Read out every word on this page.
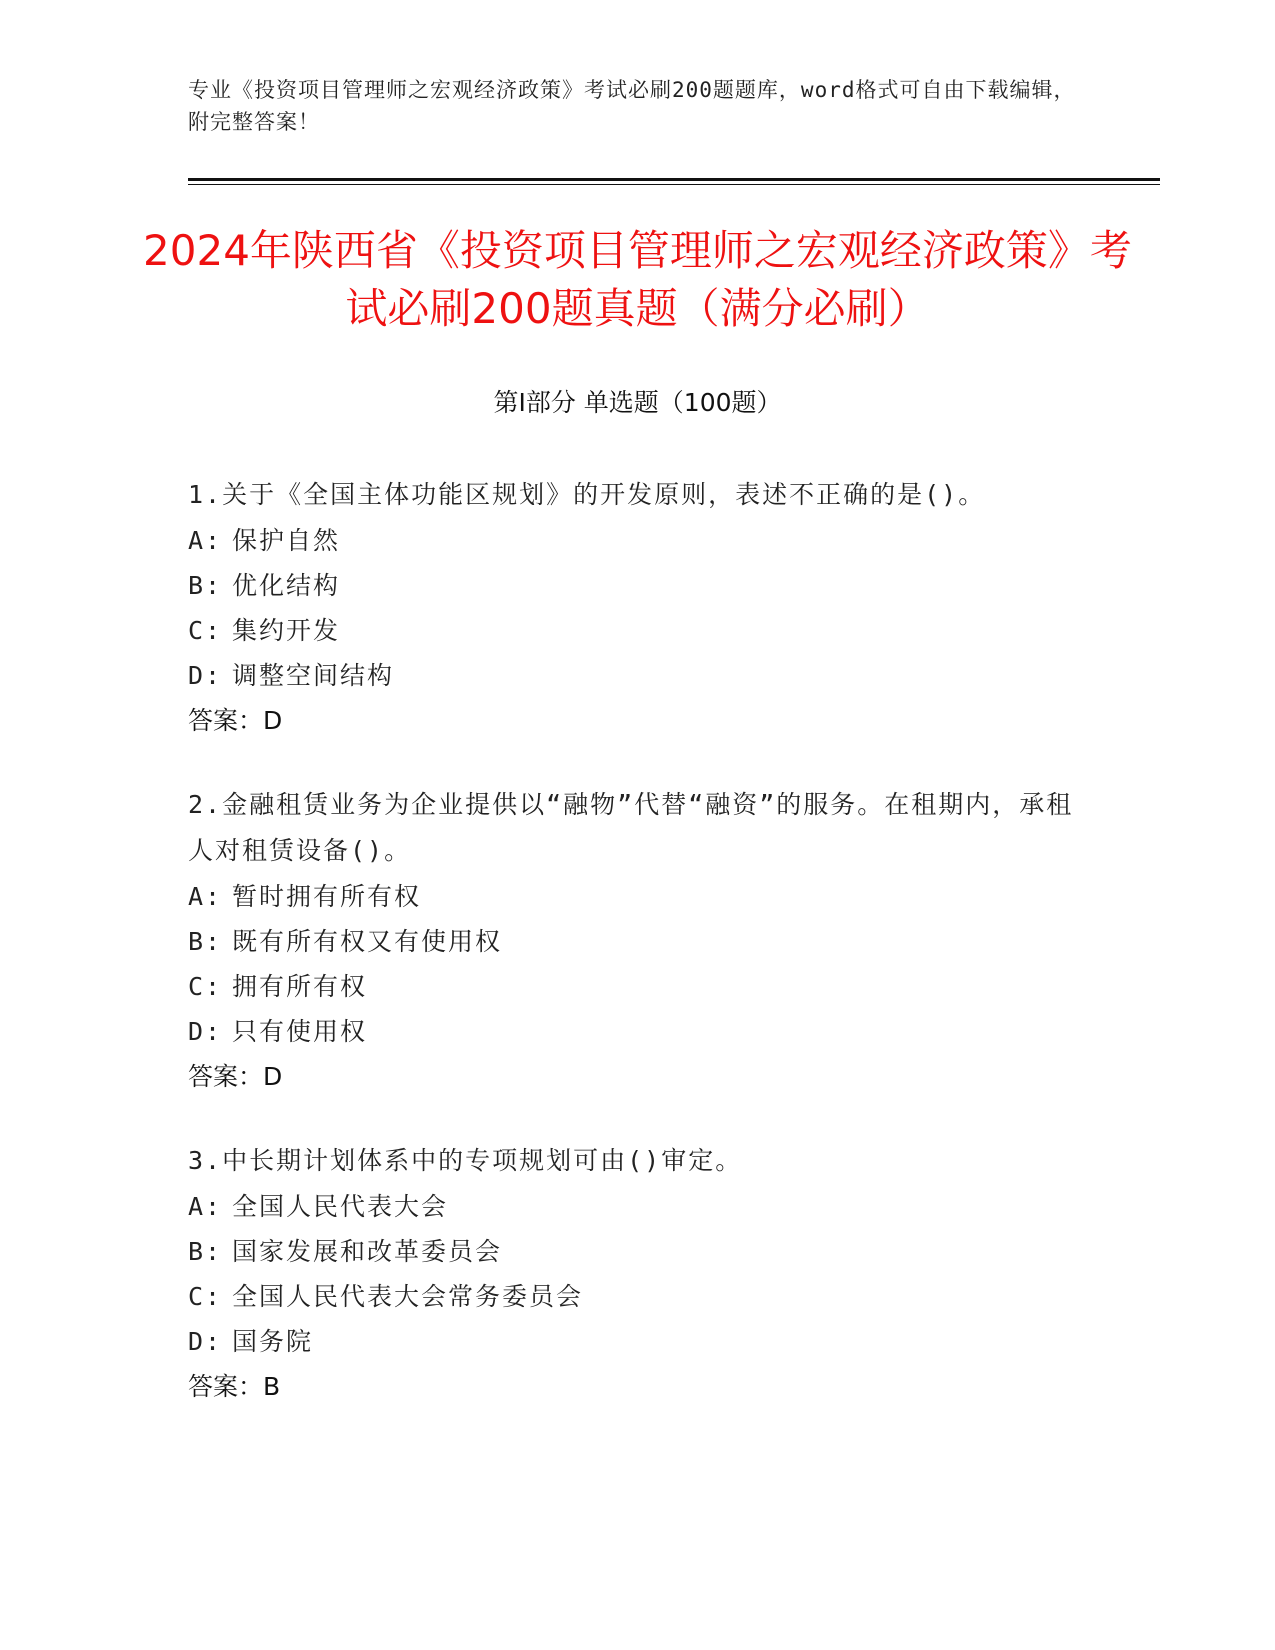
专业《投资项目管理师之宏观经济政策》考试必刷200题题库，word格式可自由下载编辑，附完整答案！
2024年陕西省《投资项目管理师之宏观经济政策》考试必刷200题真题（满分必刷）
第I部分 单选题（100题）
1.关于《全国主体功能区规划》的开发原则，表述不正确的是()。
A: 保护自然
B: 优化结构
C: 集约开发
D: 调整空间结构
答案：D
2.金融租赁业务为企业提供以“融物”代替“融资”的服务。在租期内，承租人对租赁设备()。
A: 暂时拥有所有权
B: 既有所有权又有使用权
C: 拥有所有权
D: 只有使用权
答案：D
3.中长期计划体系中的专项规划可由()审定。
A: 全国人民代表大会
B: 国家发展和改革委员会
C: 全国人民代表大会常务委员会
D: 国务院
答案：B
